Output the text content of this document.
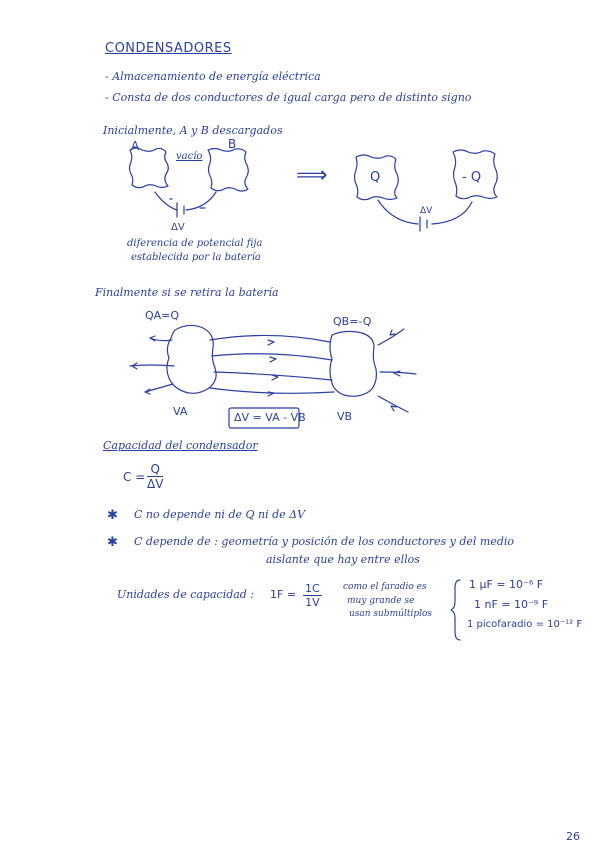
CONDENSADORES
- Almacenamiento de energía eléctrica
- Consta de dos conductores de igual carga pero de distinto signo
Inicialmente, A y B descargados
A	B
vacío
ΔV
diferencia de potencial fija
establecida por la batería
⟹	Q	- Q
ΔV
Finalmente si se retira la batería
QA=Q	QB=-Q
VA	VB
ΔV = VA - VB
Capacidad del condensador
$C = \frac{Q}{\Delta V}$
✱ C no depende ni de Q ni de ΔV
✱ C depende de : geometría y posición de los conductores y del medio
aislante que hay entre ellos
Unidades de capacidad : $1F = \frac{1C}{1V}$ como el faradio es
muy grande se
usan submúltiplos
1 μF = 10⁻⁶ F
1 nF = 10⁻⁹ F
1 picofaradio = 10⁻¹² F
26
